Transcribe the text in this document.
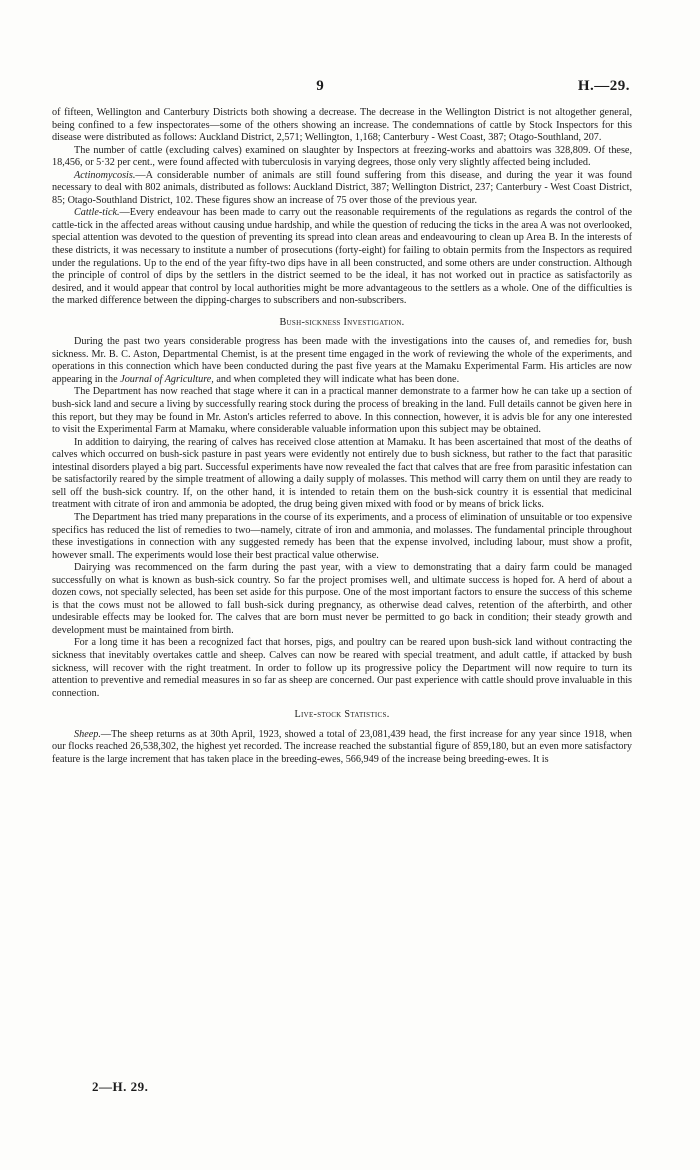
9	H.—29.

of fifteen, Wellington and Canterbury Districts both showing a decrease. The decrease in the Wellington District is not altogether general, being confined to a few inspectorates—some of the others showing an increase. The condemnations of cattle by Stock Inspectors for this disease were distributed as follows: Auckland District, 2,571; Wellington, 1,168; Canterbury - West Coast, 387; Otago-Southland, 207.

The number of cattle (excluding calves) examined on slaughter by Inspectors at freezing-works and abattoirs was 328,809. Of these, 18,456, or 5·32 per cent., were found affected with tuberculosis in varying degrees, those only very slightly affected being included.

Actinomycosis.—A considerable number of animals are still found suffering from this disease, and during the year it was found necessary to deal with 802 animals, distributed as follows: Auckland District, 387; Wellington District, 237; Canterbury - West Coast District, 85; Otago-Southland District, 102. These figures show an increase of 75 over those of the previous year.

Cattle-tick.—Every endeavour has been made to carry out the reasonable requirements of the regulations as regards the control of the cattle-tick in the affected areas without causing undue hardship, and while the question of reducing the ticks in the area A was not overlooked, special attention was devoted to the question of preventing its spread into clean areas and endeavouring to clean up Area B. In the interests of these districts, it was necessary to institute a number of prosecutions (forty-eight) for failing to obtain permits from the Inspectors as required under the regulations. Up to the end of the year fifty-two dips have in all been constructed, and some others are under construction. Although the principle of control of dips by the settlers in the district seemed to be the ideal, it has not worked out in practice as satisfactorily as desired, and it would appear that control by local authorities might be more advantageous to the settlers as a whole. One of the difficulties is the marked difference between the dipping-charges to subscribers and non-subscribers.

Bush-sickness Investigation.

During the past two years considerable progress has been made with the investigations into the causes of, and remedies for, bush sickness. Mr. B. C. Aston, Departmental Chemist, is at the present time engaged in the work of reviewing the whole of the experiments, and operations in this connection which have been conducted during the past five years at the Mamaku Experimental Farm. His articles are now appearing in the Journal of Agriculture, and when completed they will indicate what has been done.

The Department has now reached that stage where it can in a practical manner demonstrate to a farmer how he can take up a section of bush-sick land and secure a living by successfully rearing stock during the process of breaking in the land. Full details cannot be given here in this report, but they may be found in Mr. Aston's articles referred to above. In this connection, however, it is advis ble for any one interested to visit the Experimental Farm at Mamaku, where considerable valuable information upon this subject may be obtained.

In addition to dairying, the rearing of calves has received close attention at Mamaku. It has been ascertained that most of the deaths of calves which occurred on bush-sick pasture in past years were evidently not entirely due to bush sickness, but rather to the fact that parasitic intestinal disorders played a big part. Successful experiments have now revealed the fact that calves that are free from parasitic infestation can be satisfactorily reared by the simple treatment of allowing a daily supply of molasses. This method will carry them on until they are ready to sell off the bush-sick country. If, on the other hand, it is intended to retain them on the bush-sick country it is essential that medicinal treatment with citrate of iron and ammonia be adopted, the drug being given mixed with food or by means of brick licks.

The Department has tried many preparations in the course of its experiments, and a process of elimination of unsuitable or too expensive specifics has reduced the list of remedies to two—namely, citrate of iron and ammonia, and molasses. The fundamental principle throughout these investigations in connection with any suggested remedy has been that the expense involved, including labour, must show a profit, however small. The experiments would lose their best practical value otherwise.

Dairying was recommenced on the farm during the past year, with a view to demonstrating that a dairy farm could be managed successfully on what is known as bush-sick country. So far the project promises well, and ultimate success is hoped for. A herd of about a dozen cows, not specially selected, has been set aside for this purpose. One of the most important factors to ensure the success of this scheme is that the cows must not be allowed to fall bush-sick during pregnancy, as otherwise dead calves, retention of the afterbirth, and other undesirable effects may be looked for. The calves that are born must never be permitted to go back in condition; their steady growth and development must be maintained from birth.

For a long time it has been a recognized fact that horses, pigs, and poultry can be reared upon bush-sick land without contracting the sickness that inevitably overtakes cattle and sheep. Calves can now be reared with special treatment, and adult cattle, if attacked by bush sickness, will recover with the right treatment. In order to follow up its progressive policy the Department will now require to turn its attention to preventive and remedial measures in so far as sheep are concerned. Our past experience with cattle should prove invaluable in this connection.

Live-stock Statistics.

Sheep.—The sheep returns as at 30th April, 1923, showed a total of 23,081,439 head, the first increase for any year since 1918, when our flocks reached 26,538,302, the highest yet recorded. The increase reached the substantial figure of 859,180, but an even more satisfactory feature is the large increment that has taken place in the breeding-ewes, 566,949 of the increase being breeding-ewes. It is

2—H. 29.
